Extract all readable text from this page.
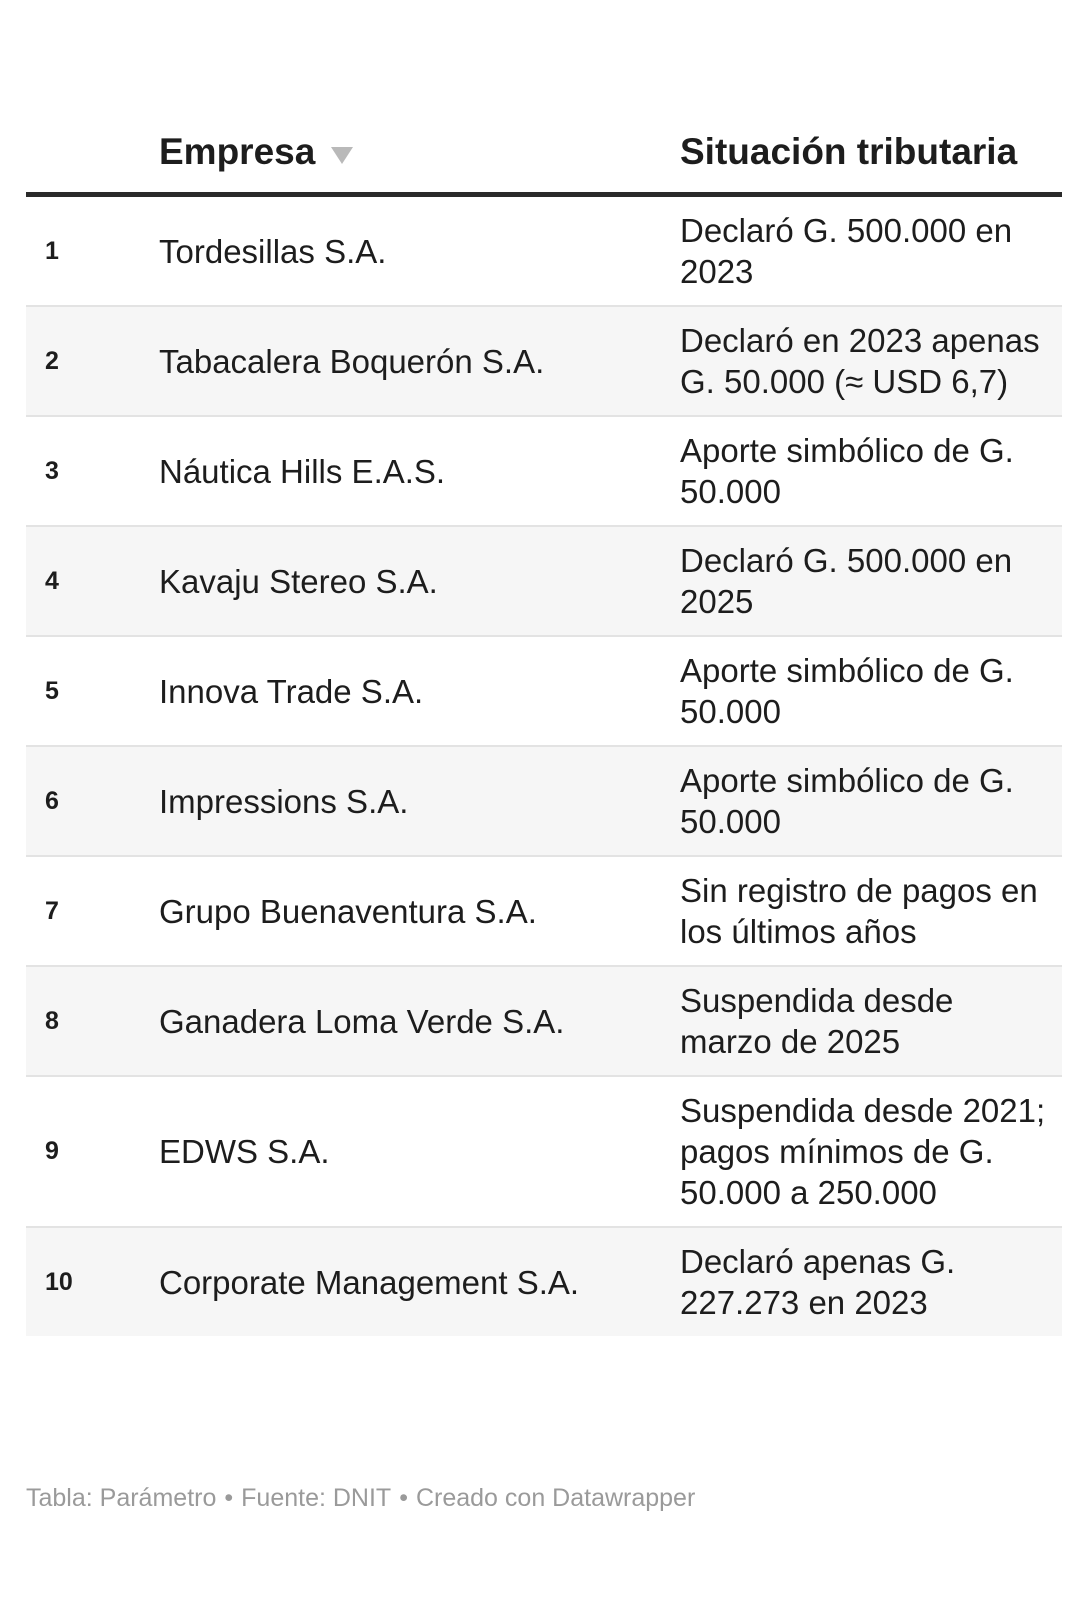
	Empresa	Situación tributaria
1	Tordesillas S.A.	Declaró G. 500.000 en 2023
2	Tabacalera Boquerón S.A.	Declaró en 2023 apenas G. 50.000 (≈ USD 6,7)
3	Náutica Hills E.A.S.	Aporte simbólico de G. 50.000
4	Kavaju Stereo S.A.	Declaró G. 500.000 en 2025
5	Innova Trade S.A.	Aporte simbólico de G. 50.000
6	Impressions S.A.	Aporte simbólico de G. 50.000
7	Grupo Buenaventura S.A.	Sin registro de pagos en los últimos años
8	Ganadera Loma Verde S.A.	Suspendida desde marzo de 2025
9	EDWS S.A.	Suspendida desde 2021; pagos mínimos de G. 50.000 a 250.000
10	Corporate Management S.A.	Declaró apenas G. 227.273 en 2023
Tabla: Parámetro • Fuente: DNIT • Creado con Datawrapper
